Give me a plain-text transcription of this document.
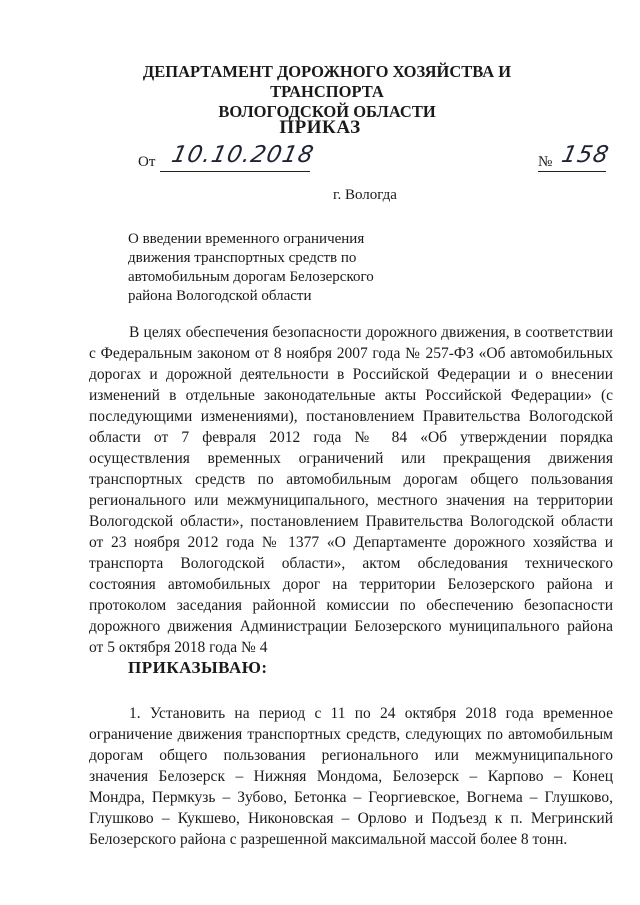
ДЕПАРТАМЕНТ ДОРОЖНОГО ХОЗЯЙСТВА И ТРАНСПОРТА
ВОЛОГОДСКОЙ ОБЛАСТИ
ПРИКАЗ
От 10.10.2018	№ 158
г. Вологда
О введении временного ограничения
движения транспортных средств по
автомобильным дорогам Белозерского
района Вологодской области

В целях обеспечения безопасности дорожного движения, в соответствии с Федеральным законом от 8 ноября 2007 года № 257-ФЗ «Об автомобильных дорогах и дорожной деятельности в Российской Федерации и о внесении изменений в отдельные законодательные акты Российской Федерации» (с последующими изменениями), постановлением Правительства Вологодской области от 7 февраля 2012 года № 84 «Об утверждении порядка осуществления временных ограничений или прекращения движения транспортных средств по автомобильным дорогам общего пользования регионального или межмуниципального, местного значения на территории Вологодской области», постановлением Правительства Вологодской области от 23 ноября 2012 года № 1377 «О Департаменте дорожного хозяйства и транспорта Вологодской области», актом обследования технического состояния автомобильных дорог на территории Белозерского района и протоколом заседания районной комиссии по обеспечению безопасности дорожного движения Администрации Белозерского муниципального района от 5 октября 2018 года № 4

ПРИКАЗЫВАЮ:

1. Установить на период с 11 по 24 октября 2018 года временное ограничение движения транспортных средств, следующих по автомобильным дорогам общего пользования регионального или межмуниципального значения Белозерск – Нижняя Мондома, Белозерск – Карпово – Конец Мондра, Пермкузь – Зубово, Бетонка – Георгиевское, Вогнема – Глушково, Глушково – Кукшево, Никоновская – Орлово и Подъезд к п. Мегринский Белозерского района с разрешенной максимальной массой более 8 тонн.
